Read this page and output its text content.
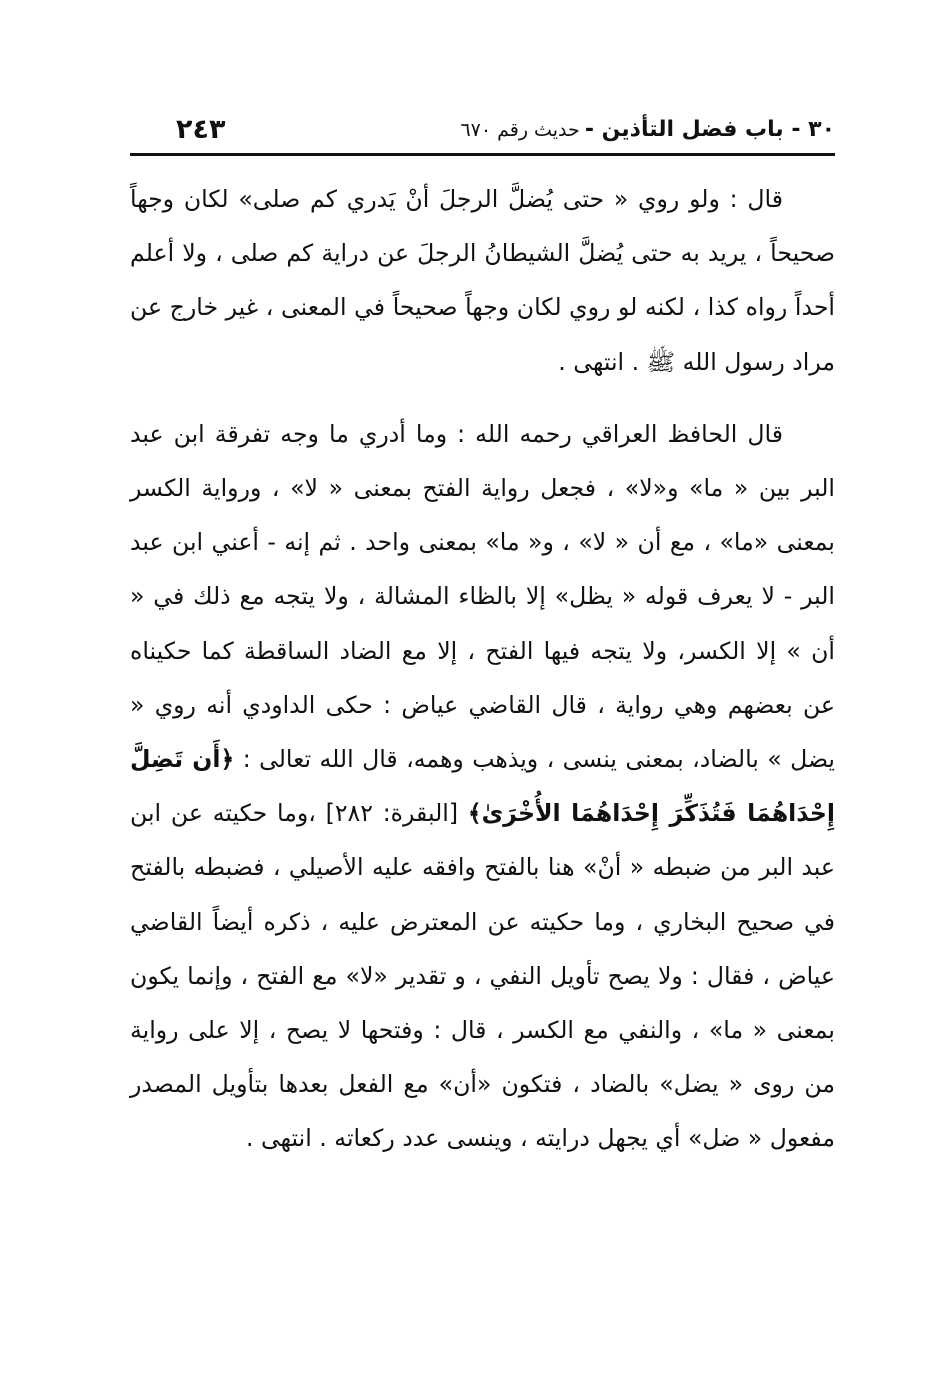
٣٠ - باب فضل التأذين - حديث رقم ٦٧٠
٢٤٣

قال : ولو روي « حتى يُضلَّ الرجلَ أنْ يَدري كم صلى» لكان وجهاً صحيحاً ، يريد به حتى يُضلَّ الشيطانُ الرجلَ عن دراية كم صلى ، ولا أعلم أحداً رواه كذا ، لكنه لو روي لكان وجهاً صحيحاً في المعنى ، غير خارج عن مراد رسول الله ﷺ . انتهى .

قال الحافظ العراقي رحمه الله : وما أدري ما وجه تفرقة ابن عبد البر بين « ما» و«لا» ، فجعل رواية الفتح بمعنى « لا» ، ورواية الكسر بمعنى «ما» ، مع أن « لا» ، و« ما» بمعنى واحد . ثم إنه - أعني ابن عبد البر - لا يعرف قوله « يظل» إلا بالظاء المشالة ، ولا يتجه مع ذلك في « أن » إلا الكسر، ولا يتجه فيها الفتح ، إلا مع الضاد الساقطة كما حكيناه عن بعضهم وهي رواية ، قال القاضي عياض : حكى الداودي أنه روي « يضل » بالضاد، بمعنى ينسى ، ويذهب وهمه، قال الله تعالى : ﴿أَن تَضِلَّ إِحْدَاهُمَا فَتُذَكِّرَ إِحْدَاهُمَا الأُخْرَىٰ﴾ [البقرة: ٢٨٢] ،وما حكيته عن ابن عبد البر من ضبطه « أنْ» هنا بالفتح وافقه عليه الأصيلي ، فضبطه بالفتح في صحيح البخاري ، وما حكيته عن المعترض عليه ، ذكره أيضاً القاضي عياض ، فقال : ولا يصح تأويل النفي ، و تقدير «لا» مع الفتح ، وإنما يكون بمعنى « ما» ، والنفي مع الكسر ، قال : وفتحها لا يصح ، إلا على رواية من روى « يضل» بالضاد ، فتكون «أن» مع الفعل بعدها بتأويل المصدر مفعول « ضل» أي يجهل درايته ، وينسى عدد ركعاته . انتهى .
